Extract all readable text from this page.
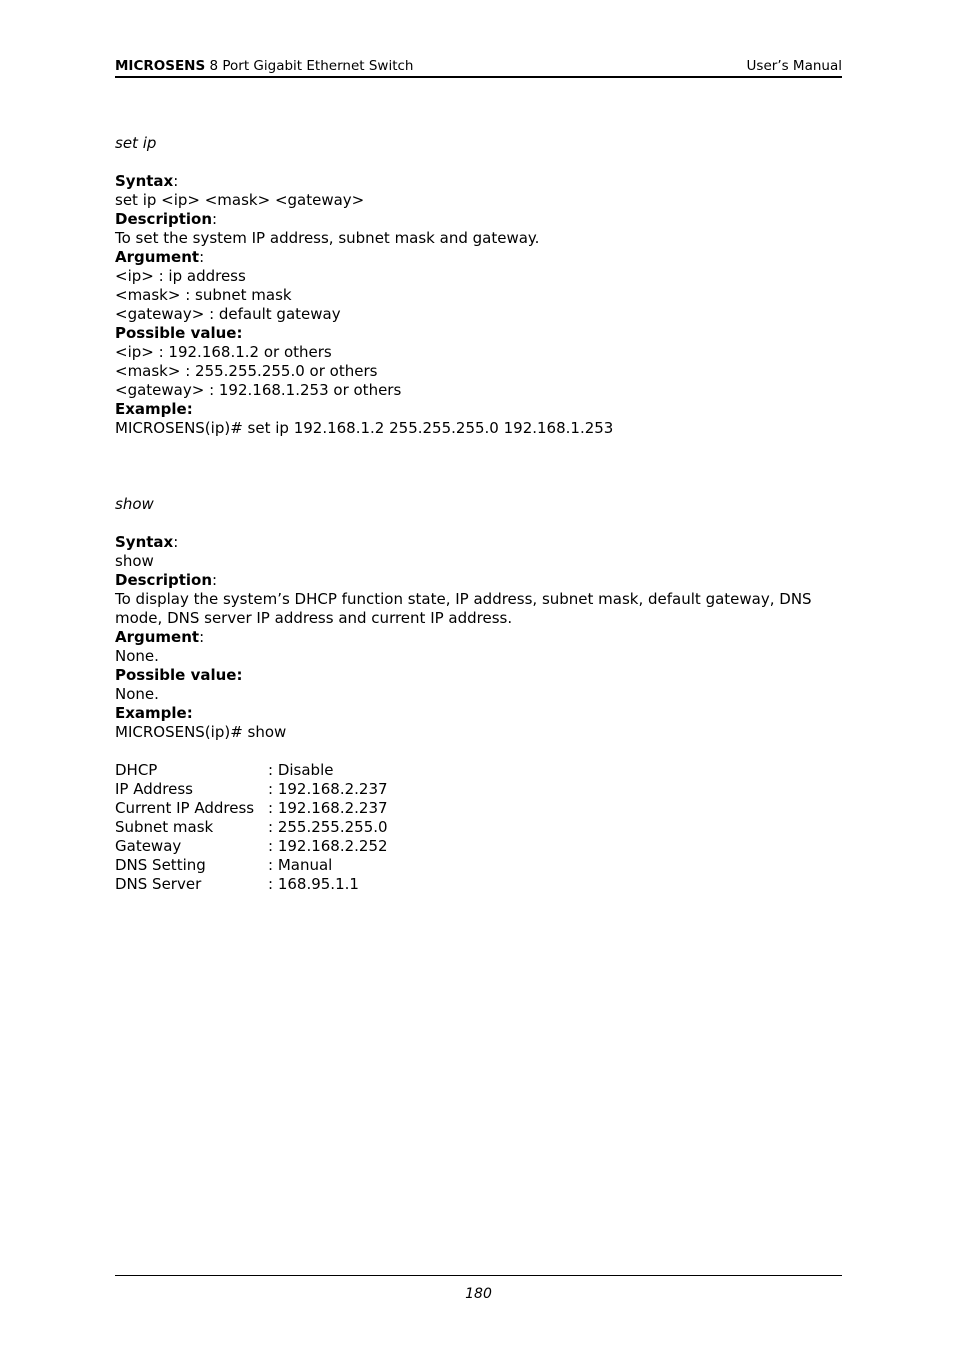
MICROSENS 8 Port Gigabit Ethernet Switch	User’s Manual
set ip
Syntax:
set ip <ip> <mask> <gateway>
Description:
To set the system IP address, subnet mask and gateway.
Argument:
<ip> : ip address
<mask> : subnet mask
<gateway> : default gateway
Possible value:
<ip> : 192.168.1.2 or others
<mask> : 255.255.255.0 or others
<gateway> : 192.168.1.253 or others
Example:
MICROSENS(ip)# set ip 192.168.1.2 255.255.255.0 192.168.1.253
show
Syntax:
show
Description:
To display the system’s DHCP function state, IP address, subnet mask, default gateway, DNS
mode, DNS server IP address and current IP address.
Argument:
None.
Possible value:
None.
Example:
MICROSENS(ip)# show
DHCP	: Disable
IP Address	: 192.168.2.237
Current IP Address : 192.168.2.237
Subnet mask	: 255.255.255.0
Gateway	: 192.168.2.252
DNS Setting	: Manual
DNS Server	: 168.95.1.1
180
